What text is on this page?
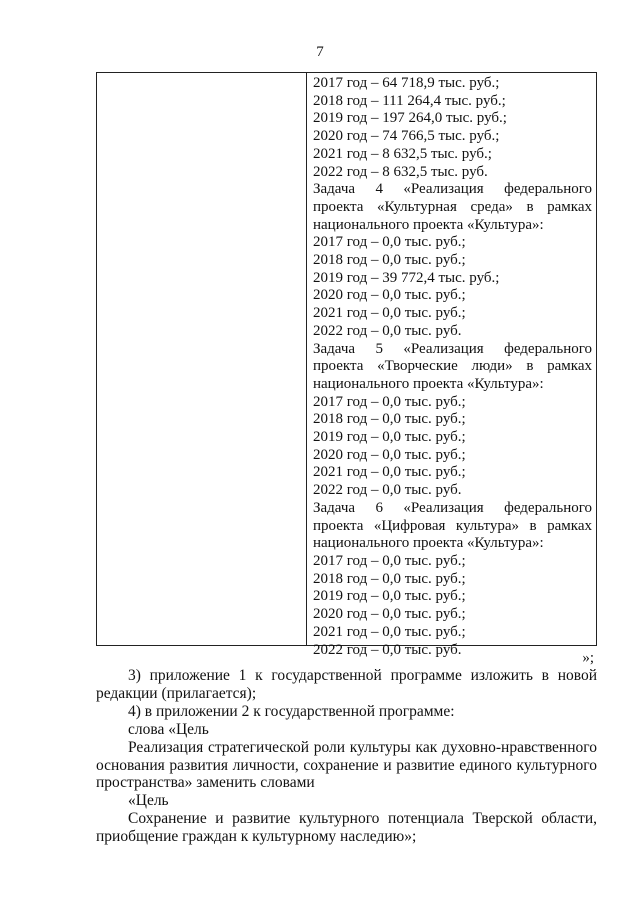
7
2017 год – 64 718,9 тыс. руб.;
2018 год – 111 264,4 тыс. руб.;
2019 год – 197 264,0 тыс. руб.;
2020 год – 74 766,5 тыс. руб.;
2021 год – 8 632,5 тыс. руб.;
2022 год – 8 632,5 тыс. руб.
Задача 4 «Реализация федерального
проекта «Культурная среда» в рамках
национального проекта «Культура»:
2017 год – 0,0 тыс. руб.;
2018 год – 0,0 тыс. руб.;
2019 год – 39 772,4 тыс. руб.;
2020 год – 0,0 тыс. руб.;
2021 год – 0,0 тыс. руб.;
2022 год – 0,0 тыс. руб.
Задача 5 «Реализация федерального
проекта «Творческие люди» в рамках
национального проекта «Культура»:
2017 год – 0,0 тыс. руб.;
2018 год – 0,0 тыс. руб.;
2019 год – 0,0 тыс. руб.;
2020 год – 0,0 тыс. руб.;
2021 год – 0,0 тыс. руб.;
2022 год – 0,0 тыс. руб.
Задача 6 «Реализация федерального
проекта «Цифровая культура» в рамках
национального проекта «Культура»:
2017 год – 0,0 тыс. руб.;
2018 год – 0,0 тыс. руб.;
2019 год – 0,0 тыс. руб.;
2020 год – 0,0 тыс. руб.;
2021 год – 0,0 тыс. руб.;
2022 год – 0,0 тыс. руб.
»;

3) приложение 1 к государственной программе изложить в новой редакции (прилагается);

4) в приложении 2 к государственной программе:

слова «Цель

Реализация стратегической роли культуры как духовно-нравственного основания развития личности, сохранение и развитие единого культурного пространства» заменить словами

«Цель

Сохранение и развитие культурного потенциала Тверской области, приобщение граждан к культурному наследию»;
